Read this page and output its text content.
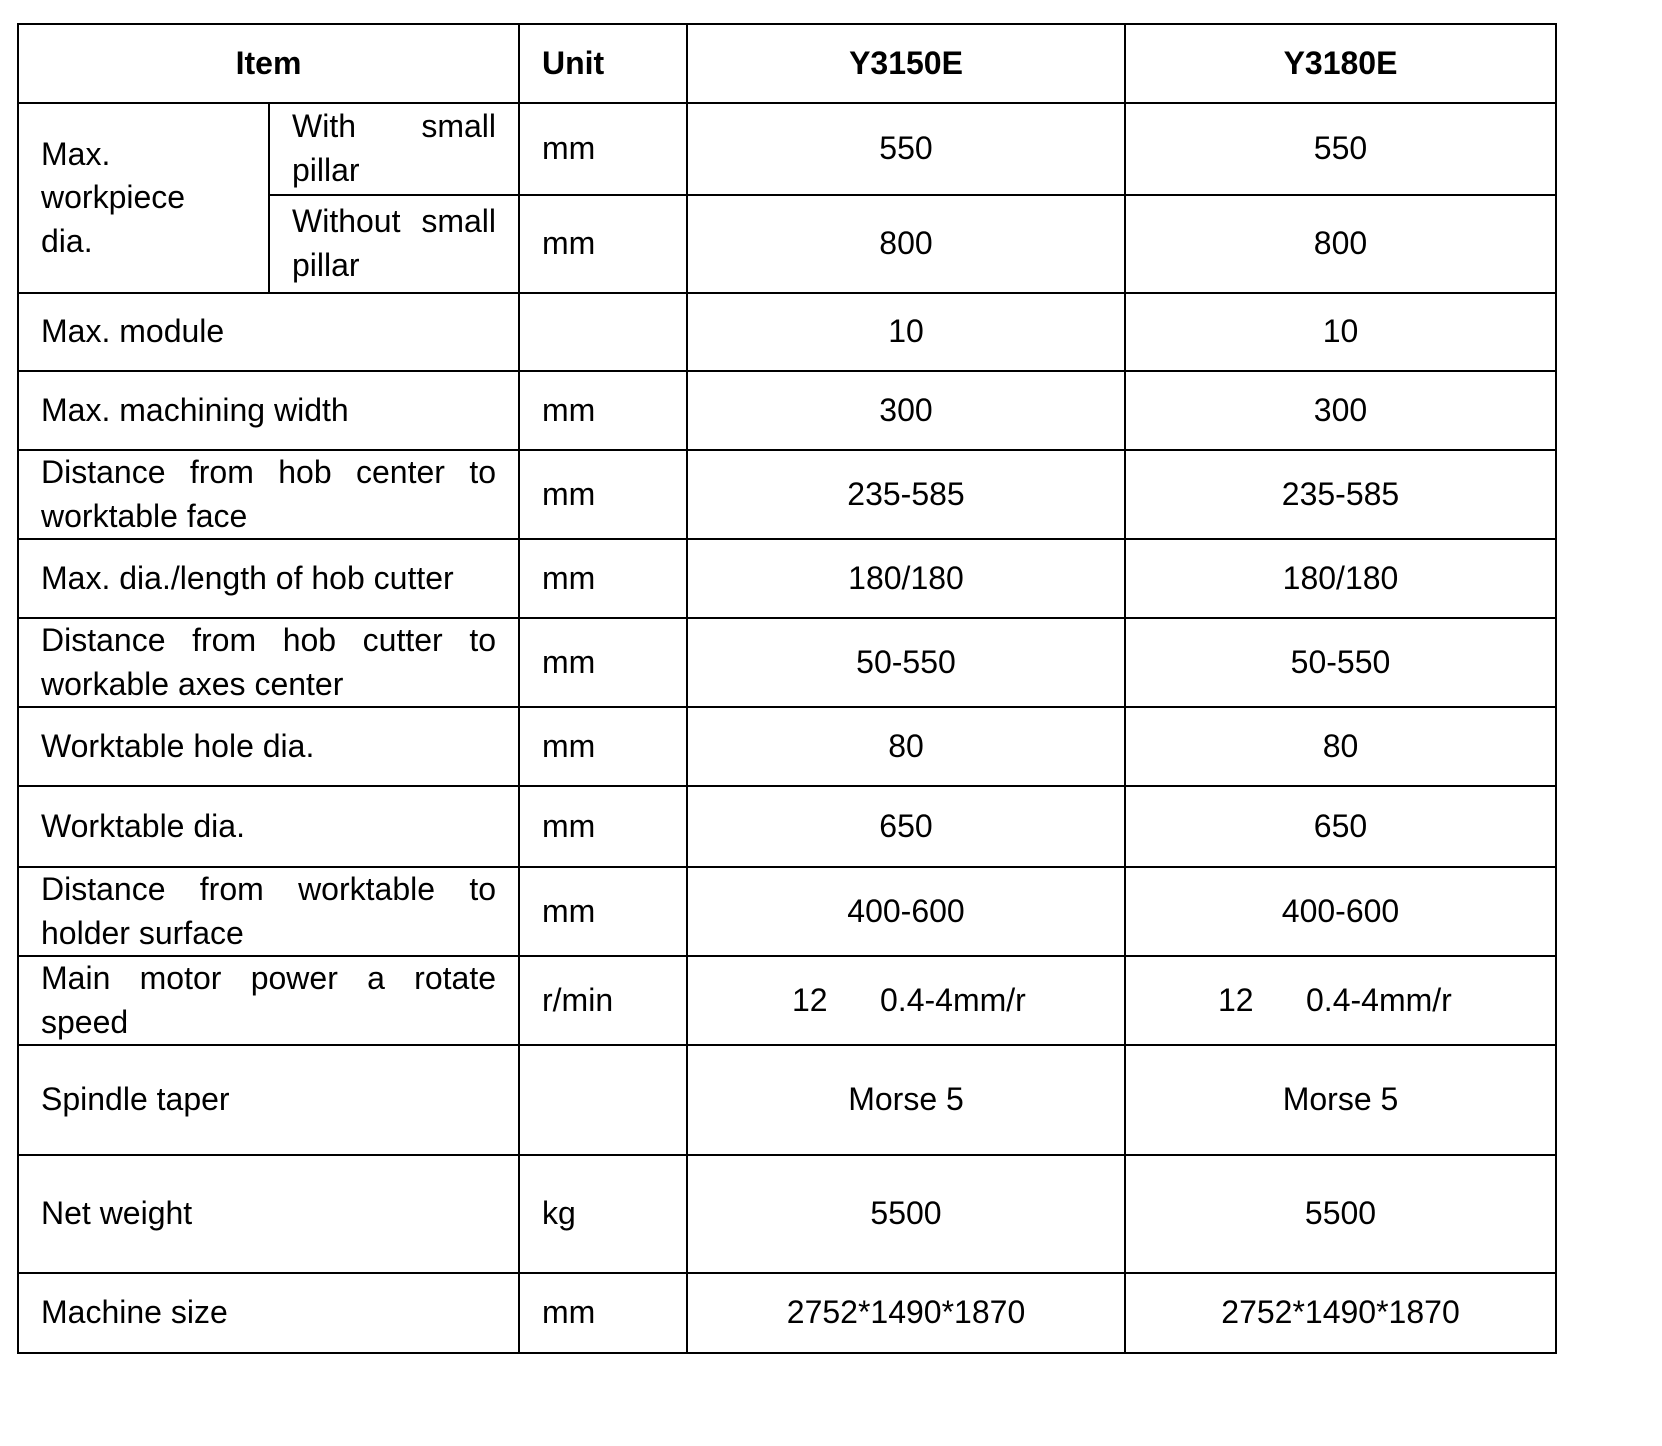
Item		Unit	Y3150E	Y3180E
Max. workpiece dia.	With small pillar	mm	550	550
	Without small pillar	mm	800	800
Max. module			10	10
Max. machining width		mm	300	300
Distance from hob center to worktable face		mm	235-585	235-585
Max. dia./length of hob cutter		mm	180/180	180/180
Distance from hob cutter to workable axes center		mm	50-550	50-550
Worktable hole dia.		mm	80	80
Worktable dia.		mm	650	650
Distance from worktable to holder surface		mm	400-600	400-600
Main motor power a rotate speed		r/min	12 0.4-4mm/r	12 0.4-4mm/r
Spindle taper			Morse 5	Morse 5
Net weight		kg	5500	5500
Machine size		mm	2752*1490*1870	2752*1490*1870
